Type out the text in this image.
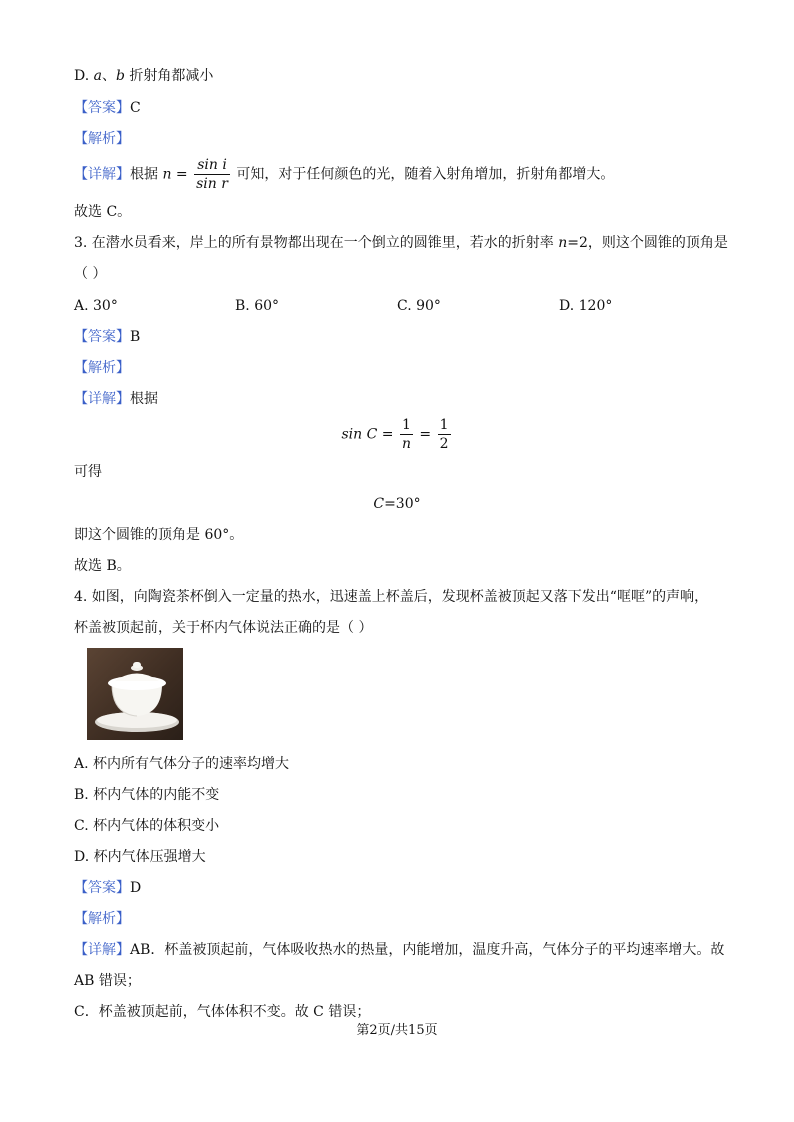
D. a、b 折射角都减小
【答案】C
【解析】
【详解】根据 $n = \frac{\text{sin i}}{\text{sin r}}$ 可知，对于任何颜色的光，随着入射角增加，折射角都增大。
故选 C。
3. 在潜水员看来，岸上的所有景物都出现在一个倒立的圆锥里，若水的折射率 n=2，则这个圆锥的顶角是
（ ）
A. 30°	B. 60°	C. 90°	D. 120°
【答案】B
【解析】
【详解】根据
$\sin C = \frac{1}{n} = \frac{1}{2}$
可得
C=30°
即这个圆锥的顶角是 60°。
故选 B。
4. 如图，向陶瓷茶杯倒入一定量的热水，迅速盖上杯盖后，发现杯盖被顶起又落下发出“哐哐”的声响，
杯盖被顶起前，关于杯内气体说法正确的是（ ）
A. 杯内所有气体分子的速率均增大
B. 杯内气体的内能不变
C. 杯内气体的体积变小
D. 杯内气体压强增大
【答案】D
【解析】
【详解】AB．杯盖被顶起前，气体吸收热水的热量，内能增加，温度升高，气体分子的平均速率增大。故
AB 错误；
C．杯盖被顶起前，气体体积不变。故 C 错误；
第2页/共15页
